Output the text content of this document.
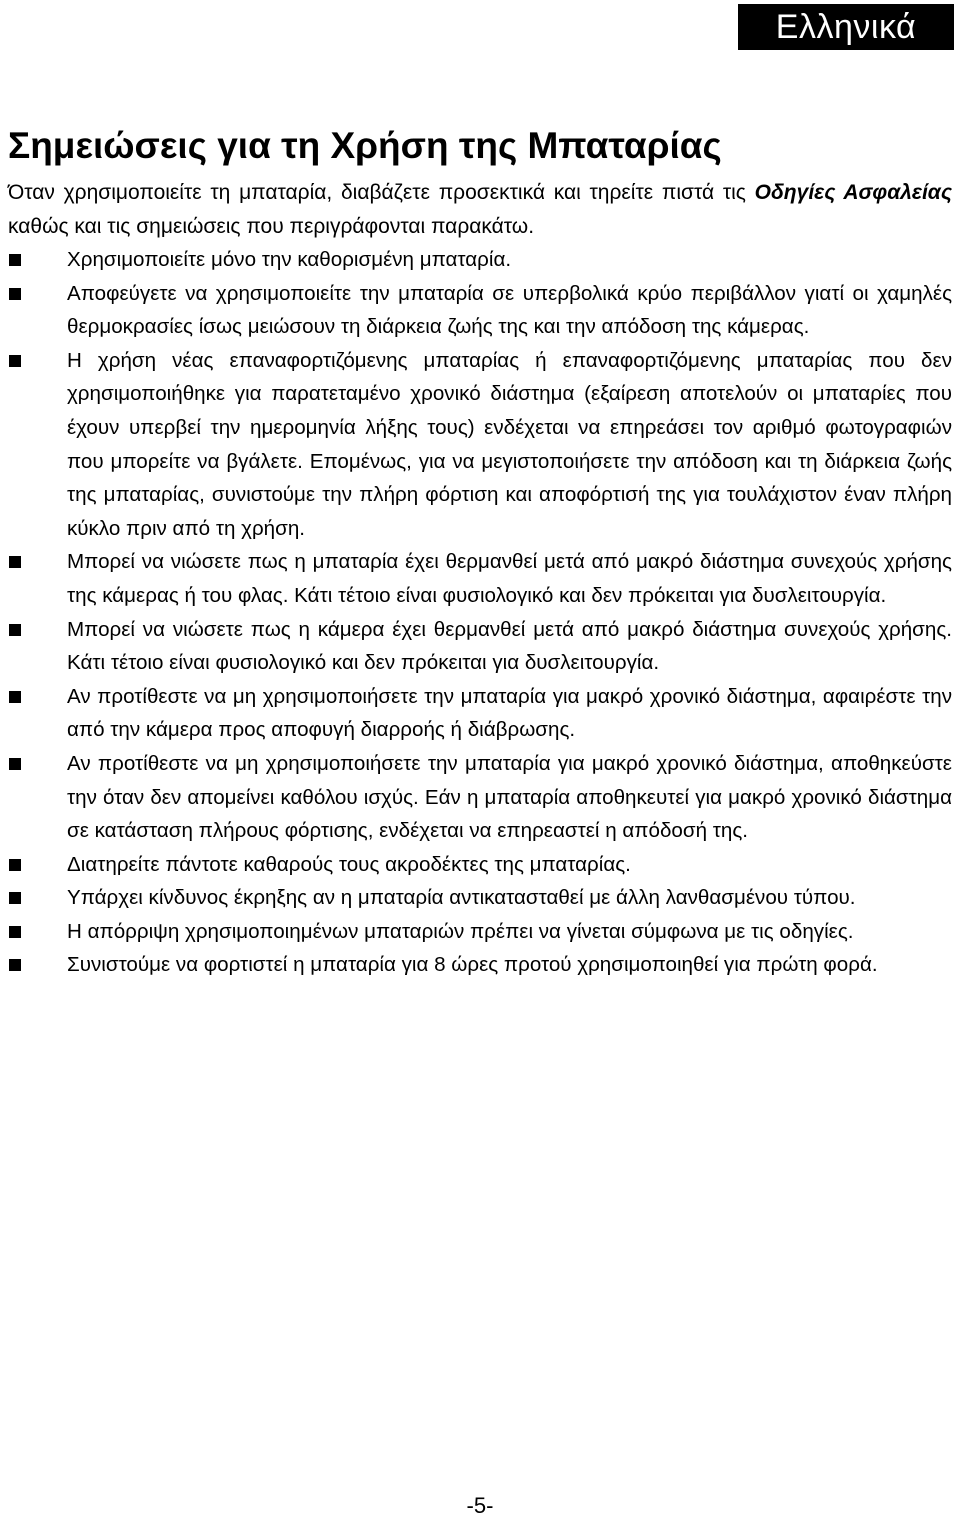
Ελληνικά
Σημειώσεις για τη Χρήση της Μπαταρίας

Όταν χρησιμοποιείτε τη μπαταρία, διαβάζετε προσεκτικά και τηρείτε πιστά τις Οδηγίες Ασφαλείας καθώς και τις σημειώσεις που περιγράφονται παρακάτω.

Χρησιμοποιείτε μόνο την καθορισμένη μπαταρία.
Αποφεύγετε να χρησιμοποιείτε την μπαταρία σε υπερβολικά κρύο περιβάλλον γιατί οι χαμηλές θερμοκρασίες ίσως μειώσουν τη διάρκεια ζωής της και την απόδοση της κάμερας.
Η χρήση νέας επαναφορτιζόμενης μπαταρίας ή επαναφορτιζόμενης μπαταρίας που δεν χρησιμοποιήθηκε για παρατεταμένο χρονικό διάστημα (εξαίρεση αποτελούν οι μπαταρίες που έχουν υπερβεί την ημερομηνία λήξης τους) ενδέχεται να επηρεάσει τον αριθμό φωτογραφιών που μπορείτε να βγάλετε. Επομένως, για να μεγιστοποιήσετε την απόδοση και τη διάρκεια ζωής της μπαταρίας, συνιστούμε την πλήρη φόρτιση και αποφόρτισή της για τουλάχιστον έναν πλήρη κύκλο πριν από τη χρήση.
Μπορεί να νιώσετε πως η μπαταρία έχει θερμανθεί μετά από μακρό διάστημα συνεχούς χρήσης της κάμερας ή του φλας. Κάτι τέτοιο είναι φυσιολογικό και δεν πρόκειται για δυσλειτουργία.
Μπορεί να νιώσετε πως η κάμερα έχει θερμανθεί μετά από μακρό διάστημα συνεχούς χρήσης. Κάτι τέτοιο είναι φυσιολογικό και δεν πρόκειται για δυσλειτουργία.
Αν προτίθεστε να μη χρησιμοποιήσετε την μπαταρία για μακρό χρονικό διάστημα, αφαιρέστε την από την κάμερα προς αποφυγή διαρροής ή διάβρωσης.
Αν προτίθεστε να μη χρησιμοποιήσετε την μπαταρία για μακρό χρονικό διάστημα, αποθηκεύστε την όταν δεν απομείνει καθόλου ισχύς. Εάν η μπαταρία αποθηκευτεί για μακρό χρονικό διάστημα σε κατάσταση πλήρους φόρτισης, ενδέχεται να επηρεαστεί η απόδοσή της.
Διατηρείτε πάντοτε καθαρούς τους ακροδέκτες της μπαταρίας.
Υπάρχει κίνδυνος έκρηξης αν η μπαταρία αντικατασταθεί με άλλη λανθασμένου τύπου.
Η απόρριψη χρησιμοποιημένων μπαταριών πρέπει να γίνεται σύμφωνα με τις οδηγίες.
Συνιστούμε να φορτιστεί η μπαταρία για 8 ώρες προτού χρησιμοποιηθεί για πρώτη φορά.
-5-
